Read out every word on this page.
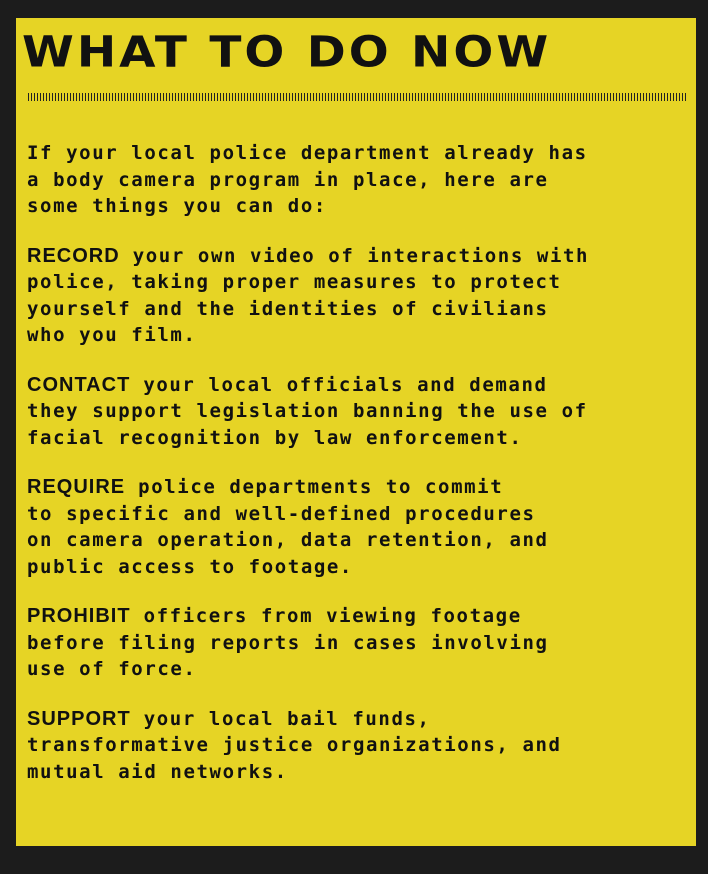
WHAT TO DO NOW

If your local police department already has
a body camera program in place, here are
some things you can do:

RECORD your own video of interactions with
police, taking proper measures to protect
yourself and the identities of civilians
who you film.

CONTACT your local officials and demand
they support legislation banning the use of
facial recognition by law enforcement.

REQUIRE police departments to commit
to specific and well-defined procedures
on camera operation, data retention, and
public access to footage.

PROHIBIT officers from viewing footage
before filing reports in cases involving
use of force.

SUPPORT your local bail funds,
transformative justice organizations, and
mutual aid networks.
